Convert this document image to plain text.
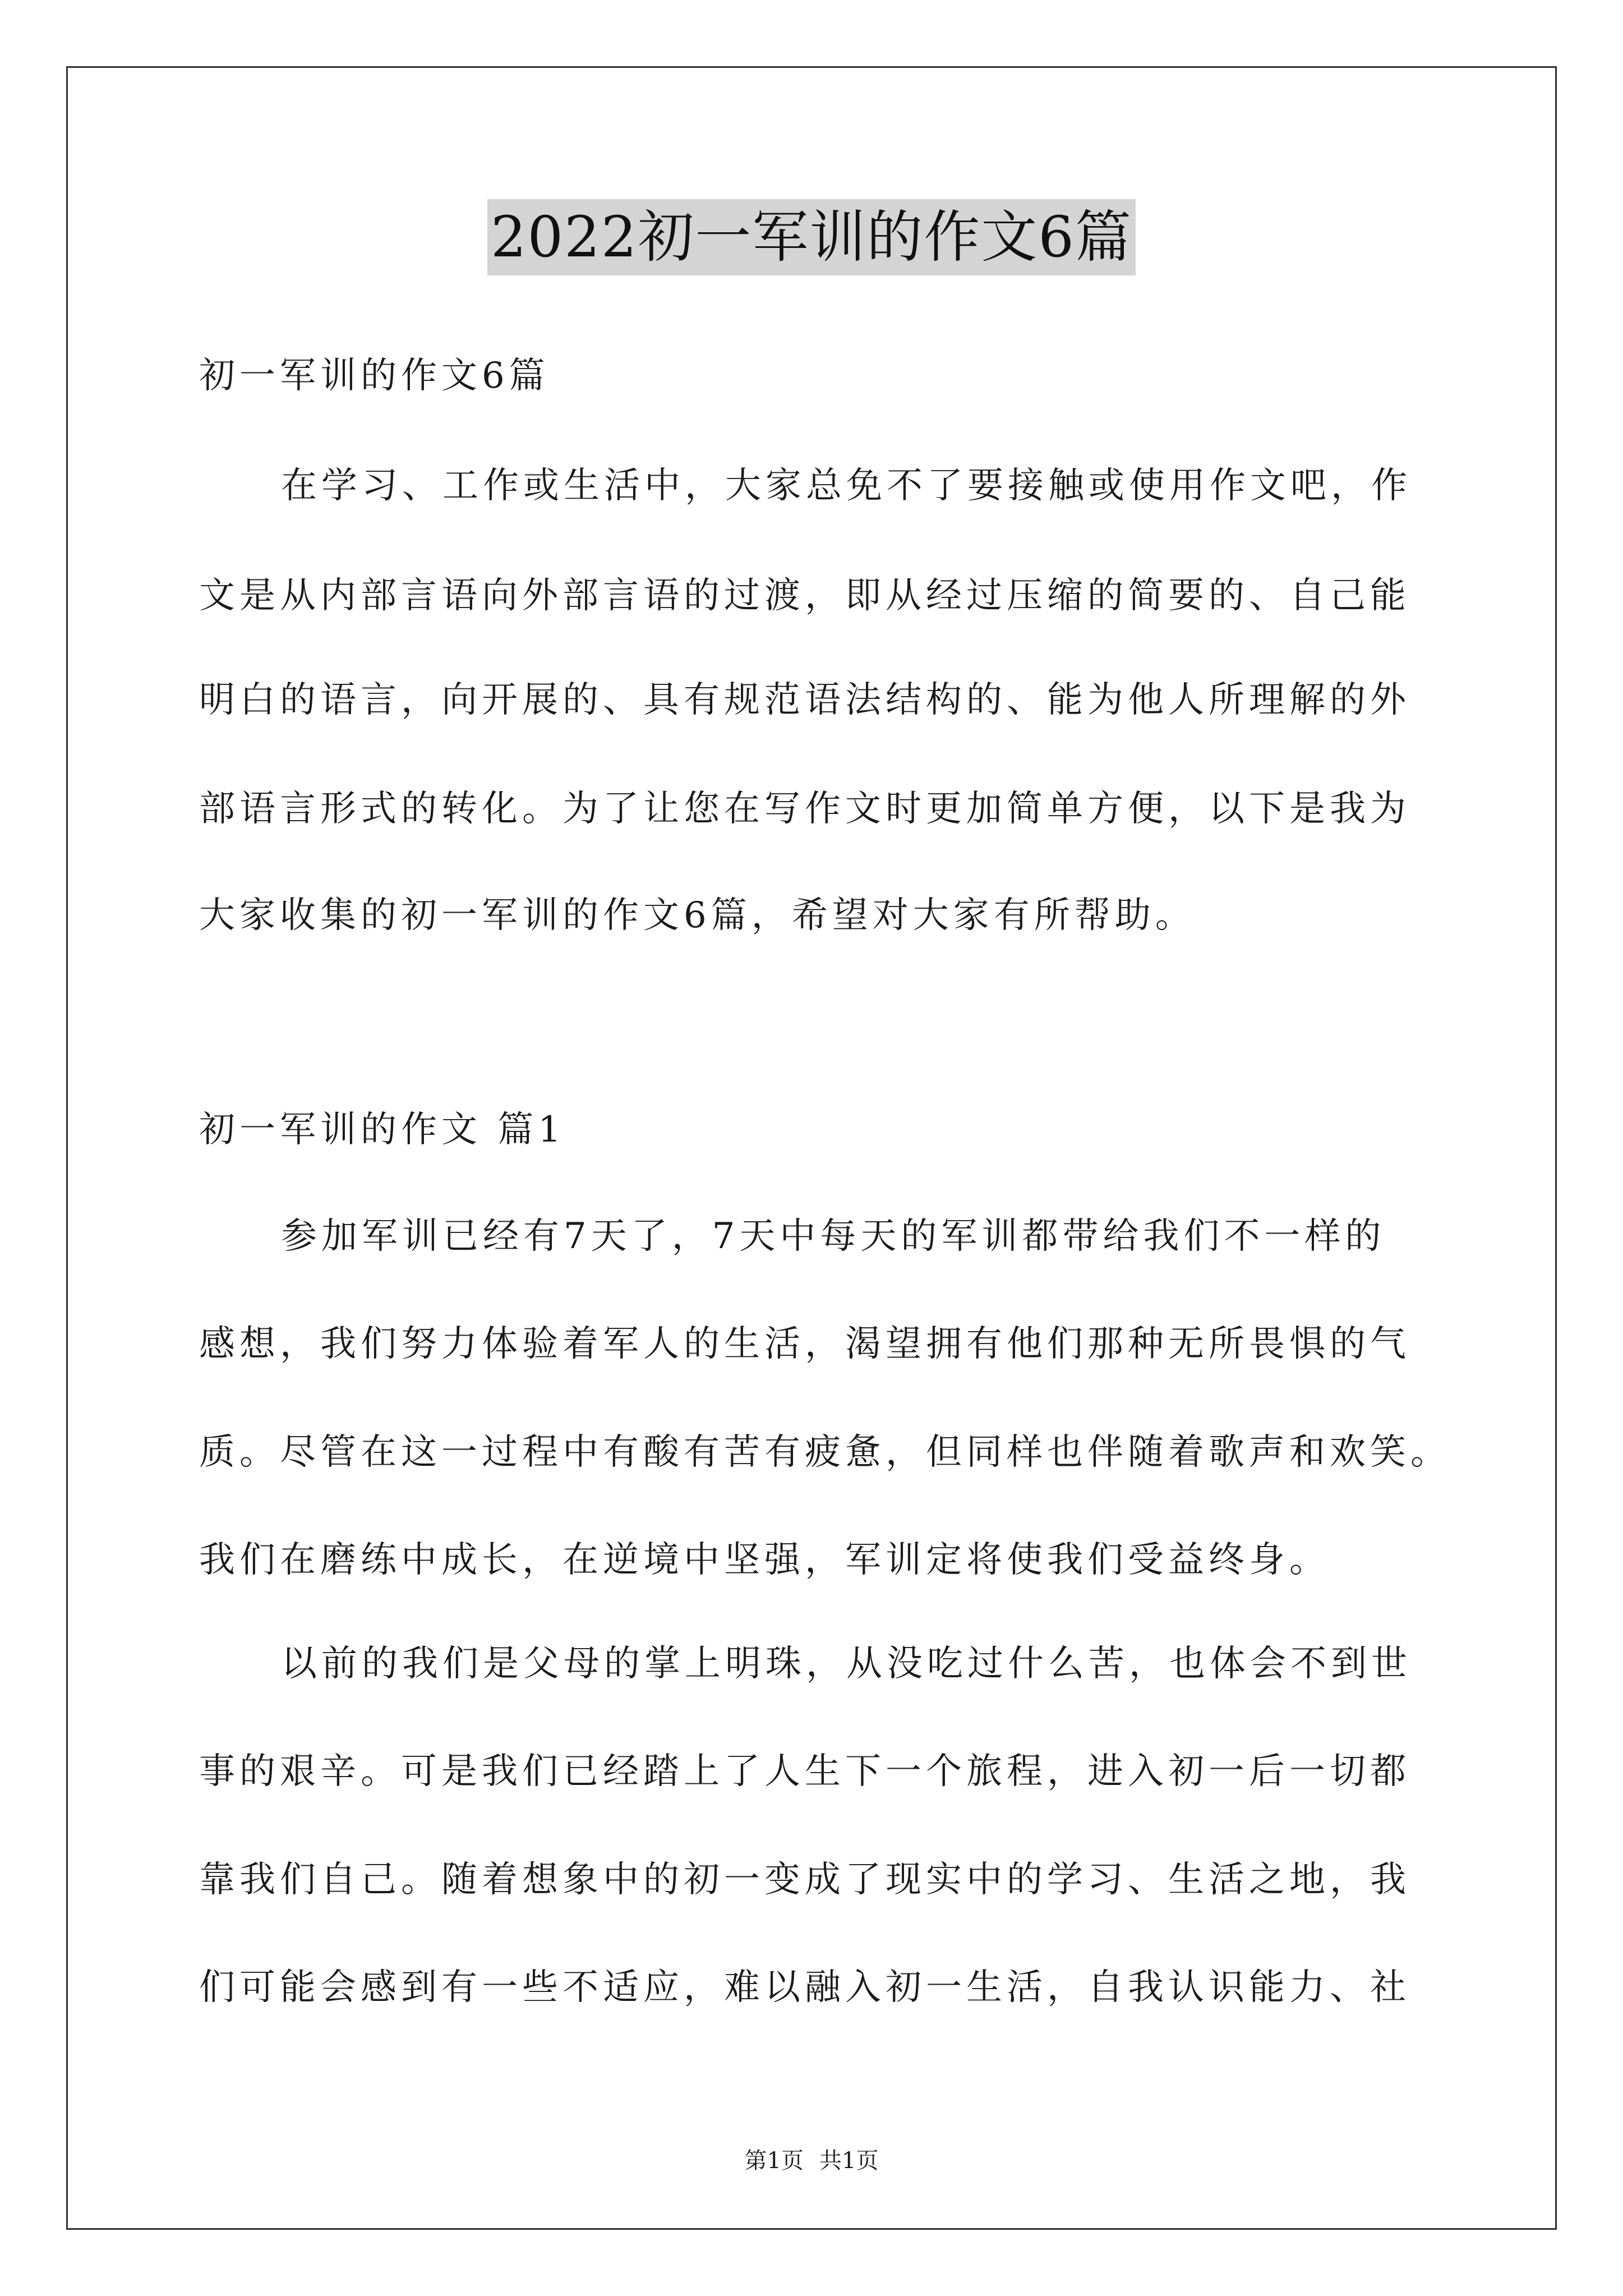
2022初一军训的作文6篇
初一军训的作文6篇
在学习、工作或生活中，大家总免不了要接触或使用作文吧，作
文是从内部言语向外部言语的过渡，即从经过压缩的简要的、自己能
明白的语言，向开展的、具有规范语法结构的、能为他人所理解的外
部语言形式的转化。为了让您在写作文时更加简单方便，以下是我为
大家收集的初一军训的作文6篇，希望对大家有所帮助。
初一军训的作文 篇1
参加军训已经有7天了，7天中每天的军训都带给我们不一样的
感想，我们努力体验着军人的生活，渴望拥有他们那种无所畏惧的气
质。尽管在这一过程中有酸有苦有疲惫，但同样也伴随着歌声和欢笑。
我们在磨练中成长，在逆境中坚强，军训定将使我们受益终身。
以前的我们是父母的掌上明珠，从没吃过什么苦，也体会不到世
事的艰辛。可是我们已经踏上了人生下一个旅程，进入初一后一切都
靠我们自己。随着想象中的初一变成了现实中的学习、生活之地，我
们可能会感到有一些不适应，难以融入初一生活，自我认识能力、社
第1页 共1页
